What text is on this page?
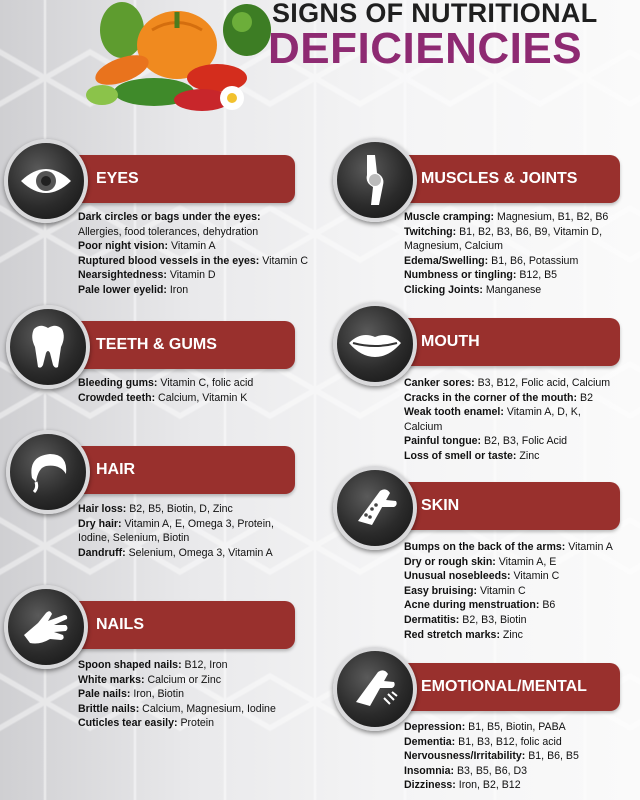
SIGNS OF NUTRITIONAL
DEFICIENCIES
EYES
Dark circles or bags under the eyes:
Allergies, food tolerances, dehydration
Poor night vision: Vitamin A
Ruptured blood vessels in the eyes: Vitamin C
Nearsightedness: Vitamin D
Pale lower eyelid: Iron
TEETH & GUMS
Bleeding gums: Vitamin C, folic acid
Crowded teeth: Calcium, Vitamin K
HAIR
Hair loss: B2, B5, Biotin, D, Zinc
Dry hair: Vitamin A, E, Omega 3, Protein,
Iodine, Selenium, Biotin
Dandruff: Selenium, Omega 3, Vitamin A
NAILS
Spoon shaped nails: B12, Iron
White marks: Calcium or Zinc
Pale nails: Iron, Biotin
Brittle nails: Calcium, Magnesium, Iodine
Cuticles tear easily: Protein
MUSCLES & JOINTS
Muscle cramping: Magnesium, B1, B2, B6
Twitching: B1, B2, B3, B6, B9, Vitamin D,
Magnesium, Calcium
Edema/Swelling: B1, B6, Potassium
Numbness or tingling: B12, B5
Clicking Joints: Manganese
MOUTH
Canker sores: B3, B12, Folic acid, Calcium
Cracks in the corner of the mouth: B2
Weak tooth enamel: Vitamin A, D, K,
Calcium
Painful tongue: B2, B3, Folic Acid
Loss of smell or taste: Zinc
SKIN
Bumps on the back of the arms: Vitamin A
Dry or rough skin: Vitamin A, E
Unusual nosebleeds: Vitamin C
Easy bruising: Vitamin C
Acne during menstruation: B6
Dermatitis: B2, B3, Biotin
Red stretch marks: Zinc
EMOTIONAL/MENTAL
Depression: B1, B5, Biotin, PABA
Dementia: B1, B3, B12, folic acid
Nervousness/Irritability: B1, B6, B5
Insomnia: B3, B5, B6, D3
Dizziness: Iron, B2, B12
